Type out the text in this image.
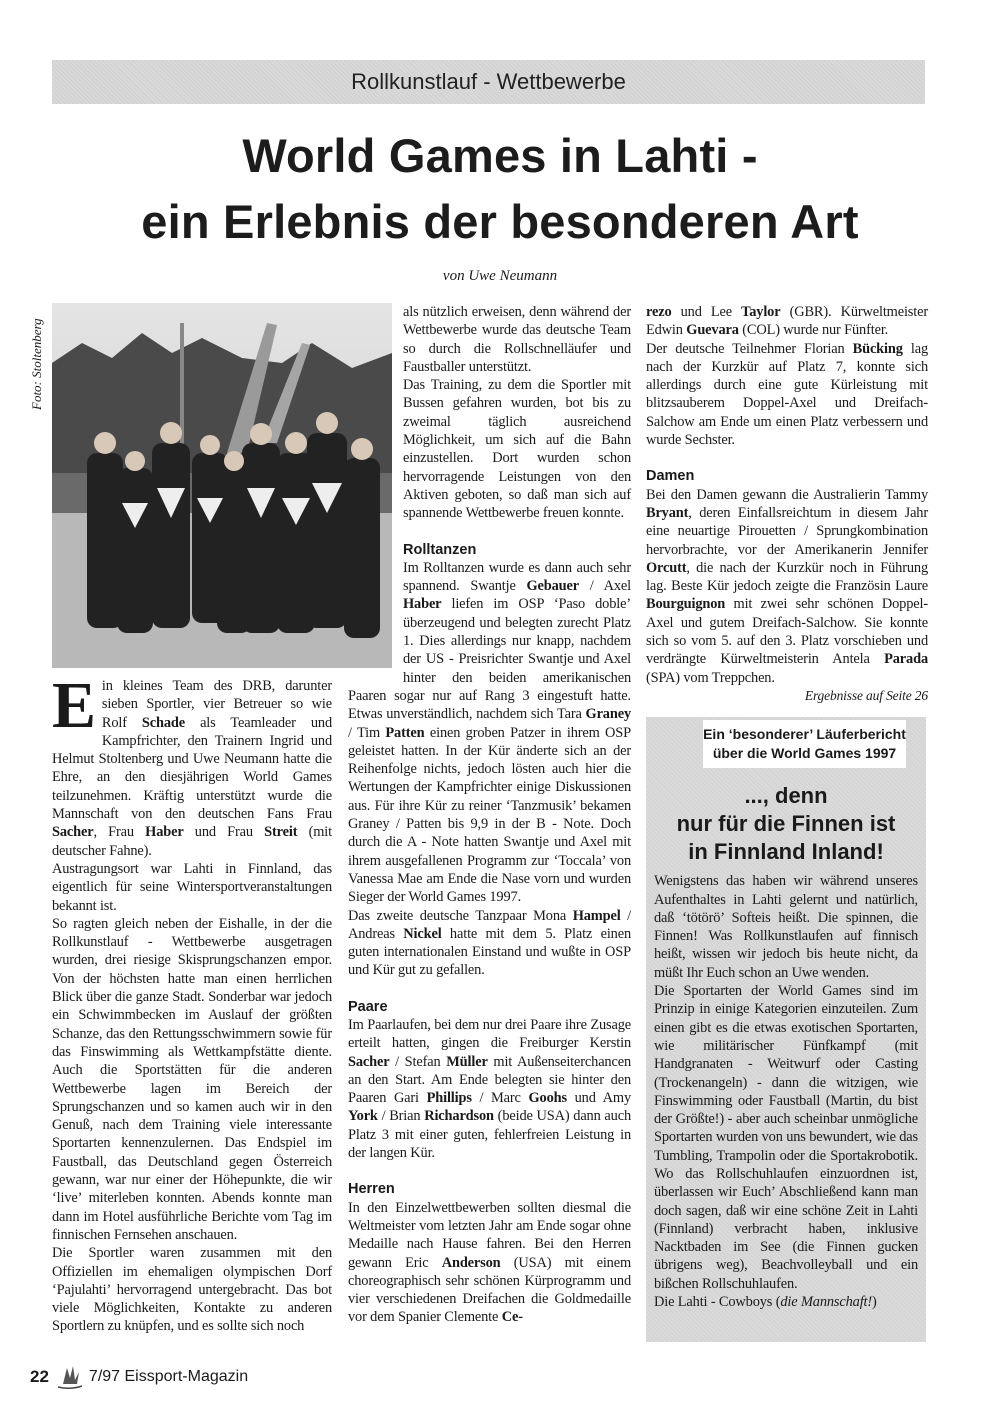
Rollkunstlauf - Wettbewerbe
World Games in Lahti -
ein Erlebnis der besonderen Art
von Uwe Neumann
Foto: Stoltenberg
E in kleines Team des DRB, darunter sieben Sportler, vier Betreuer so wie Rolf Schade als Teamleader und Kampfrichter, den Trainern Ingrid und Helmut Stoltenberg und Uwe Neumann hatte die Ehre, an den diesjährigen World Games teilzunehmen. Kräftig unterstützt wurde die Mannschaft von den deutschen Fans Frau Sacher, Frau Haber und Frau Streit (mit deutscher Fahne).

Austragungsort war Lahti in Finnland, das eigentlich für seine Wintersportveranstaltungen bekannt ist.

So ragten gleich neben der Eishalle, in der die Rollkunstlauf - Wettbewerbe ausgetragen wurden, drei riesige Skisprungschanzen empor. Von der höchsten hatte man einen herrlichen Blick über die ganze Stadt. Sonderbar war jedoch ein Schwimmbecken im Auslauf der größten Schanze, das den Rettungsschwimmern sowie für das Finswimming als Wettkampfstätte diente. Auch die Sportstätten für die anderen Wettbewerbe lagen im Bereich der Sprungschanzen und so kamen auch wir in den Genuß, nach dem Training viele interessante Sportarten kennenzulernen. Das Endspiel im Faustball, das Deutschland gegen Österreich gewann, war nur einer der Höhepunkte, die wir ‘live’ miterleben konnten. Abends konnte man dann im Hotel ausführliche Berichte vom Tag im finnischen Fernsehen anschauen.

Die Sportler waren zusammen mit den Offiziellen im ehemaligen olympischen Dorf ‘Pajulahti’ hervorragend untergebracht. Das bot viele Möglichkeiten, Kontakte zu anderen Sportlern zu knüpfen, und es sollte sich noch

als nützlich erweisen, denn während der Wettbewerbe wurde das deutsche Team so durch die Rollschnelläufer und Faustballer unterstützt.

Das Training, zu dem die Sportler mit Bussen gefahren wurden, bot bis zu zweimal täglich ausreichend Möglichkeit, um sich auf die Bahn einzustellen. Dort wurden schon hervorragende Leistungen von den Aktiven geboten, so daß man sich auf spannende Wettbewerbe freuen konnte.

Rolltanzen

Im Rolltanzen wurde es dann auch sehr spannend. Swantje Gebauer / Axel Haber liefen im OSP ‘Paso doble’ überzeugend und belegten zurecht Platz 1. Dies allerdings nur knapp, nachdem der US - Preisrichter Swantje und Axel hinter den beiden amerikanischen Paaren sogar nur auf Rang 3 eingestuft hatte. Etwas unverständlich, nachdem sich Tara Graney / Tim Patten einen groben Patzer in ihrem OSP geleistet hatten. In der Kür änderte sich an der Reihenfolge nichts, jedoch lösten auch hier die Wertungen der Kampfrichter einige Diskussionen aus. Für ihre Kür zu reiner ‘Tanzmusik’ bekamen Graney / Patten bis 9,9 in der B - Note. Doch durch die A - Note hatten Swantje und Axel mit ihrem ausgefallenen Programm zur ‘Toccala’ von Vanessa Mae am Ende die Nase vorn und wurden Sieger der World Games 1997.

Das zweite deutsche Tanzpaar Mona Hampel / Andreas Nickel hatte mit dem 5. Platz einen guten internationalen Einstand und wußte in OSP und Kür gut zu gefallen.

Paare

Im Paarlaufen, bei dem nur drei Paare ihre Zusage erteilt hatten, gingen die Freiburger Kerstin Sacher / Stefan Müller mit Außenseiterchancen an den Start. Am Ende belegten sie hinter den Paaren Gari Phillips / Marc Goohs und Amy York / Brian Richardson (beide USA) dann auch Platz 3 mit einer guten, fehlerfreien Leistung in der langen Kür.

Herren

In den Einzelwettbewerben sollten diesmal die Weltmeister vom letzten Jahr am Ende sogar ohne Medaille nach Hause fahren. Bei den Herren gewann Eric Anderson (USA) mit einem choreographisch sehr schönen Kürprogramm und vier verschiedenen Dreifachen die Goldmedaille vor dem Spanier Clemente Ce-

rezo und Lee Taylor (GBR). Kürweltmeister Edwin Guevara (COL) wurde nur Fünfter.

Der deutsche Teilnehmer Florian Bücking lag nach der Kurzkür auf Platz 7, konnte sich allerdings durch eine gute Kürleistung mit blitzsauberem Doppel-Axel und Dreifach-Salchow am Ende um einen Platz verbessern und wurde Sechster.

Damen

Bei den Damen gewann die Australierin Tammy Bryant, deren Einfallsreichtum in diesem Jahr eine neuartige Pirouetten / Sprungkombination hervorbrachte, vor der Amerikanerin Jennifer Orcutt, die nach der Kurzkür noch in Führung lag. Beste Kür jedoch zeigte die Französin Laure Bourguignon mit zwei sehr schönen Doppel-Axel und gutem Dreifach-Salchow. Sie konnte sich so vom 5. auf den 3. Platz vorschieben und verdrängte Kürweltmeisterin Antela Parada (SPA) vom Treppchen.

Ergebnisse auf Seite 26
Ein ‘besonderer’ Läuferbericht
über die World Games 1997
..., denn
nur für die Finnen ist
in Finnland Inland!

Wenigstens das haben wir während unseres Aufenthaltes in Lahti gelernt und natürlich, daß ‘tötörö’ Softeis heißt. Die spinnen, die Finnen! Was Rollkunstlaufen auf finnisch heißt, wissen wir jedoch bis heute nicht, da müßt Ihr Euch schon an Uwe wenden.

Die Sportarten der World Games sind im Prinzip in einige Kategorien einzuteilen. Zum einen gibt es die etwas exotischen Sportarten, wie militärischer Fünfkampf (mit Handgranaten - Weitwurf oder Casting (Trockenangeln) - dann die witzigen, wie Finswimming oder Faustball (Martin, du bist der Größte!) - aber auch scheinbar unmögliche Sportarten wurden von uns bewundert, wie das Tumbling, Trampolin oder die Sportakrobotik. Wo das Rollschuhlaufen einzuordnen ist, überlassen wir Euch’ Abschließend kann man doch sagen, daß wir eine schöne Zeit in Lahti (Finnland) verbracht haben, inklusive Nacktbaden im See (die Finnen gucken übrigens weg), Beachvolleyball und ein bißchen Rollschuhlaufen.

Die Lahti - Cowboys (die Mannschaft!)

22	7/97 Eissport-Magazin
